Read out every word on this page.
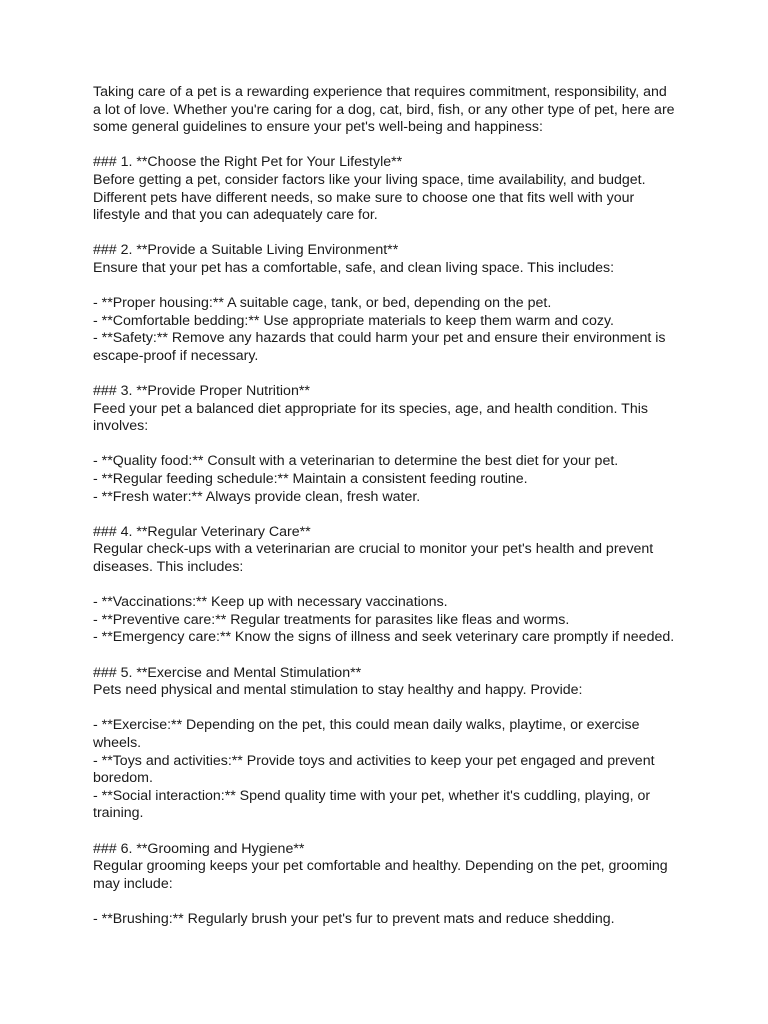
Taking care of a pet is a rewarding experience that requires commitment, responsibility, and
a lot of love. Whether you're caring for a dog, cat, bird, fish, or any other type of pet, here are
some general guidelines to ensure your pet's well-being and happiness:

### 1. **Choose the Right Pet for Your Lifestyle**
Before getting a pet, consider factors like your living space, time availability, and budget.
Different pets have different needs, so make sure to choose one that fits well with your
lifestyle and that you can adequately care for.

### 2. **Provide a Suitable Living Environment**
Ensure that your pet has a comfortable, safe, and clean living space. This includes:

- **Proper housing:** A suitable cage, tank, or bed, depending on the pet.
- **Comfortable bedding:** Use appropriate materials to keep them warm and cozy.
- **Safety:** Remove any hazards that could harm your pet and ensure their environment is
escape-proof if necessary.

### 3. **Provide Proper Nutrition**
Feed your pet a balanced diet appropriate for its species, age, and health condition. This
involves:

- **Quality food:** Consult with a veterinarian to determine the best diet for your pet.
- **Regular feeding schedule:** Maintain a consistent feeding routine.
- **Fresh water:** Always provide clean, fresh water.

### 4. **Regular Veterinary Care**
Regular check-ups with a veterinarian are crucial to monitor your pet's health and prevent
diseases. This includes:

- **Vaccinations:** Keep up with necessary vaccinations.
- **Preventive care:** Regular treatments for parasites like fleas and worms.
- **Emergency care:** Know the signs of illness and seek veterinary care promptly if needed.

### 5. **Exercise and Mental Stimulation**
Pets need physical and mental stimulation to stay healthy and happy. Provide:

- **Exercise:** Depending on the pet, this could mean daily walks, playtime, or exercise
wheels.
- **Toys and activities:** Provide toys and activities to keep your pet engaged and prevent
boredom.
- **Social interaction:** Spend quality time with your pet, whether it's cuddling, playing, or
training.

### 6. **Grooming and Hygiene**
Regular grooming keeps your pet comfortable and healthy. Depending on the pet, grooming
may include:

- **Brushing:** Regularly brush your pet's fur to prevent mats and reduce shedding.
